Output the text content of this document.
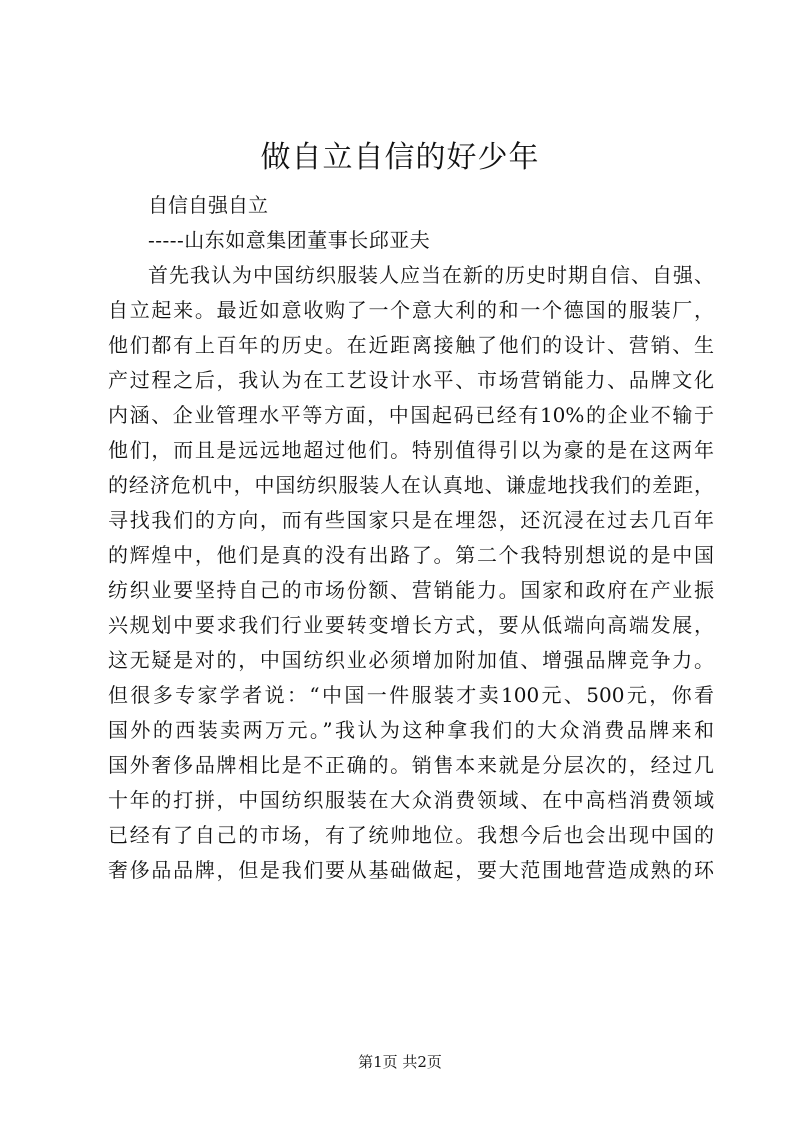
做自立自信的好少年

自信自强自立

-----山东如意集团董事长邱亚夫

首先我认为中国纺织服装人应当在新的历史时期自信、自强、

自立起来。最近如意收购了一个意大利的和一个德国的服装厂，

他们都有上百年的历史。在近距离接触了他们的设计、营销、生

产过程之后，我认为在工艺设计水平、市场营销能力、品牌文化

内涵、企业管理水平等方面，中国起码已经有10%的企业不输于

他们，而且是远远地超过他们。特别值得引以为豪的是在这两年

的经济危机中，中国纺织服装人在认真地、谦虚地找我们的差距，

寻找我们的方向，而有些国家只是在埋怨，还沉浸在过去几百年

的辉煌中，他们是真的没有出路了。第二个我特别想说的是中国

纺织业要坚持自己的市场份额、营销能力。国家和政府在产业振

兴规划中要求我们行业要转变增长方式，要从低端向高端发展，

这无疑是对的，中国纺织业必须增加附加值、增强品牌竞争力。

但很多专家学者说：“中国一件服装才卖100元、500元，你看

国外的西装卖两万元。”我认为这种拿我们的大众消费品牌来和

国外奢侈品牌相比是不正确的。销售本来就是分层次的，经过几

十年的打拼，中国纺织服装在大众消费领域、在中高档消费领域

已经有了自己的市场，有了统帅地位。我想今后也会出现中国的

奢侈品品牌，但是我们要从基础做起，要大范围地营造成熟的环

第1页 共2页
